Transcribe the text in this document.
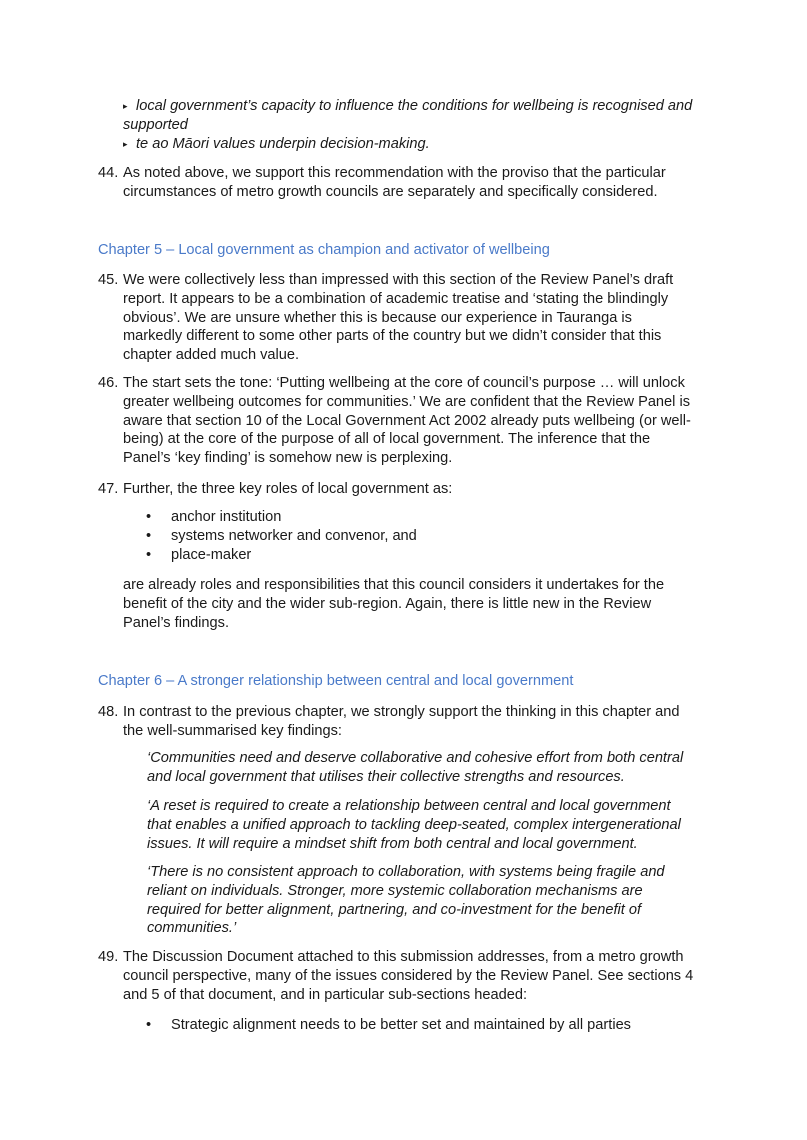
▸ local government’s capacity to influence the conditions for wellbeing is recognised and

supported

▸ te ao Māori values underpin decision-making.

44. As noted above, we support this recommendation with the proviso that the particular

circumstances of metro growth councils are separately and specifically considered.

Chapter 5 – Local government as champion and activator of wellbeing
45. We were collectively less than impressed with this section of the Review Panel’s draft

report. It appears to be a combination of academic treatise and ‘stating the blindingly

obvious’. We are unsure whether this is because our experience in Tauranga is

markedly different to some other parts of the country but we didn’t consider that this

chapter added much value.

46. The start sets the tone: ‘Putting wellbeing at the core of council’s purpose … will unlock

greater wellbeing outcomes for communities.’ We are confident that the Review Panel is

aware that section 10 of the Local Government Act 2002 already puts wellbeing (or well-

being) at the core of the purpose of all of local government. The inference that the

Panel’s ‘key finding’ is somehow new is perplexing.

47. Further, the three key roles of local government as:

• anchor institution
• systems networker and convenor, and
• place-maker

are already roles and responsibilities that this council considers it undertakes for the

benefit of the city and the wider sub-region. Again, there is little new in the Review

Panel’s findings.

Chapter 6 – A stronger relationship between central and local government
48. In contrast to the previous chapter, we strongly support the thinking in this chapter and

the well-summarised key findings:

‘Communities need and deserve collaborative and cohesive effort from both central

and local government that utilises their collective strengths and resources.

‘A reset is required to create a relationship between central and local government

that enables a unified approach to tackling deep-seated, complex intergenerational

issues. It will require a mindset shift from both central and local government.

‘There is no consistent approach to collaboration, with systems being fragile and

reliant on individuals. Stronger, more systemic collaboration mechanisms are

required for better alignment, partnering, and co-investment for the benefit of

communities.’

49. The Discussion Document attached to this submission addresses, from a metro growth

council perspective, many of the issues considered by the Review Panel. See sections 4

and 5 of that document, and in particular sub-sections headed:

• Strategic alignment needs to be better set and maintained by all parties
